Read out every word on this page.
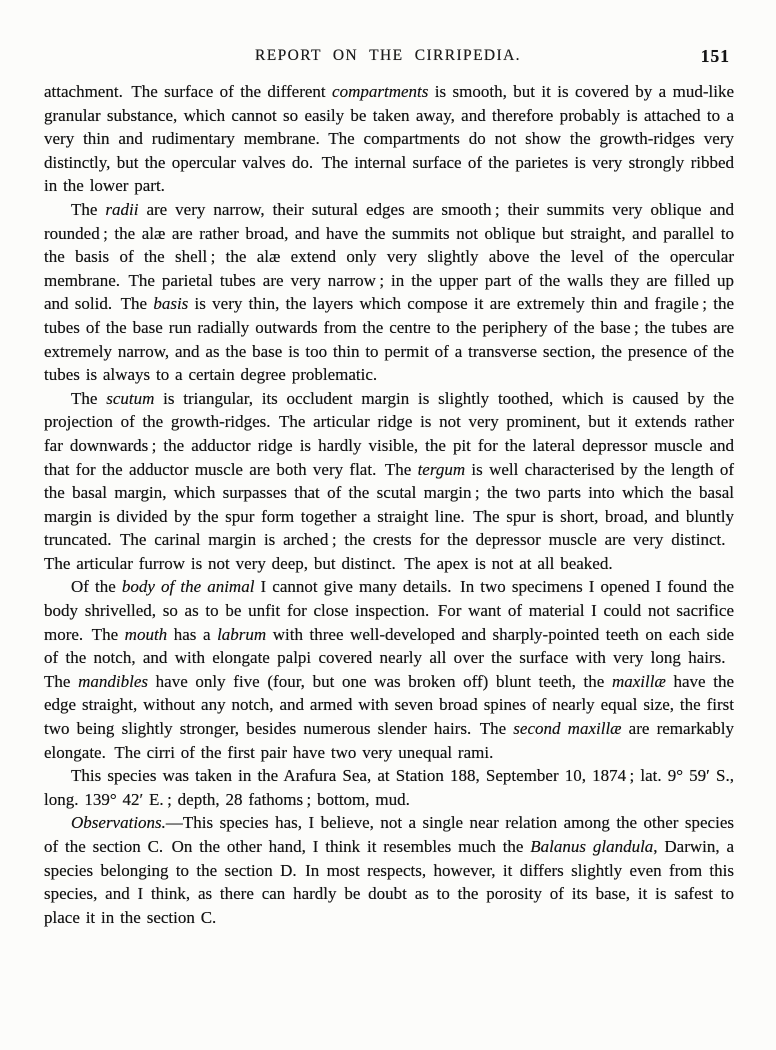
REPORT ON THE CIRRIPEDIA.	151

attachment. The surface of the different compartments is smooth, but it is covered by a mud-like granular substance, which cannot so easily be taken away, and therefore probably is attached to a very thin and rudimentary membrane. The compartments do not show the growth-ridges very distinctly, but the opercular valves do. The internal surface of the parietes is very strongly ribbed in the lower part.

The radii are very narrow, their sutural edges are smooth ; their summits very oblique and rounded ; the alæ are rather broad, and have the summits not oblique but straight, and parallel to the basis of the shell ; the alæ extend only very slightly above the level of the opercular membrane. The parietal tubes are very narrow ; in the upper part of the walls they are filled up and solid. The basis is very thin, the layers which compose it are extremely thin and fragile ; the tubes of the base run radially outwards from the centre to the periphery of the base ; the tubes are extremely narrow, and as the base is too thin to permit of a transverse section, the presence of the tubes is always to a certain degree problematic.

The scutum is triangular, its occludent margin is slightly toothed, which is caused by the projection of the growth-ridges. The articular ridge is not very prominent, but it extends rather far downwards ; the adductor ridge is hardly visible, the pit for the lateral depressor muscle and that for the adductor muscle are both very flat. The tergum is well characterised by the length of the basal margin, which surpasses that of the scutal margin ; the two parts into which the basal margin is divided by the spur form together a straight line. The spur is short, broad, and bluntly truncated. The carinal margin is arched ; the crests for the depressor muscle are very distinct. The articular furrow is not very deep, but distinct. The apex is not at all beaked.

Of the body of the animal I cannot give many details. In two specimens I opened I found the body shrivelled, so as to be unfit for close inspection. For want of material I could not sacrifice more. The mouth has a labrum with three well-developed and sharply-pointed teeth on each side of the notch, and with elongate palpi covered nearly all over the surface with very long hairs. The mandibles have only five (four, but one was broken off) blunt teeth, the maxillæ have the edge straight, without any notch, and armed with seven broad spines of nearly equal size, the first two being slightly stronger, besides numerous slender hairs. The second maxillæ are remarkably elongate. The cirri of the first pair have two very unequal rami.

This species was taken in the Arafura Sea, at Station 188, September 10, 1874 ; lat. 9° 59′ S., long. 139° 42′ E. ; depth, 28 fathoms ; bottom, mud.

Observations.—This species has, I believe, not a single near relation among the other species of the section C. On the other hand, I think it resembles much the Balanus glandula, Darwin, a species belonging to the section D. In most respects, however, it differs slightly even from this species, and I think, as there can hardly be doubt as to the porosity of its base, it is safest to place it in the section C.
